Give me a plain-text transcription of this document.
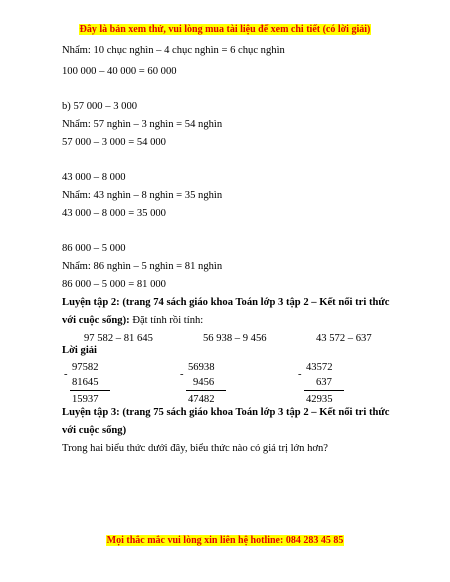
Đây là bản xem thử, vui lòng mua tài liệu để xem chi tiết (có lời giải)
Nhẩm: 10 chục nghìn – 4 chục nghìn = 6 chục nghìn
100 000 – 40 000 = 60 000
b) 57 000 – 3 000
Nhẩm: 57 nghìn – 3 nghìn = 54 nghìn
57 000 – 3 000 = 54 000
43 000 – 8 000
Nhẩm: 43 nghìn – 8 nghìn = 35 nghìn
43 000 – 8 000 = 35 000
86 000 – 5 000
Nhẩm: 86 nghìn – 5 nghìn = 81 nghìn
86 000 – 5 000 = 81 000
Luyện tập 2: (trang 74 sách giáo khoa Toán lớp 3 tập 2 – Kết nối tri thức
với cuộc sống): Đặt tính rồi tính:
97 582 – 81 645	56 938 – 9 456	43 572 – 637
Lời giải
-
97582
81645
15937
-
56938
9456
47482
-
43572
637
42935
Luyện tập 3: (trang 75 sách giáo khoa Toán lớp 3 tập 2 – Kết nối tri thức
với cuộc sống)
Trong hai biểu thức dưới đây, biểu thức nào có giá trị lớn hơn?
Mọi thắc mắc vui lòng xin liên hệ hotline: 084 283 45 85
